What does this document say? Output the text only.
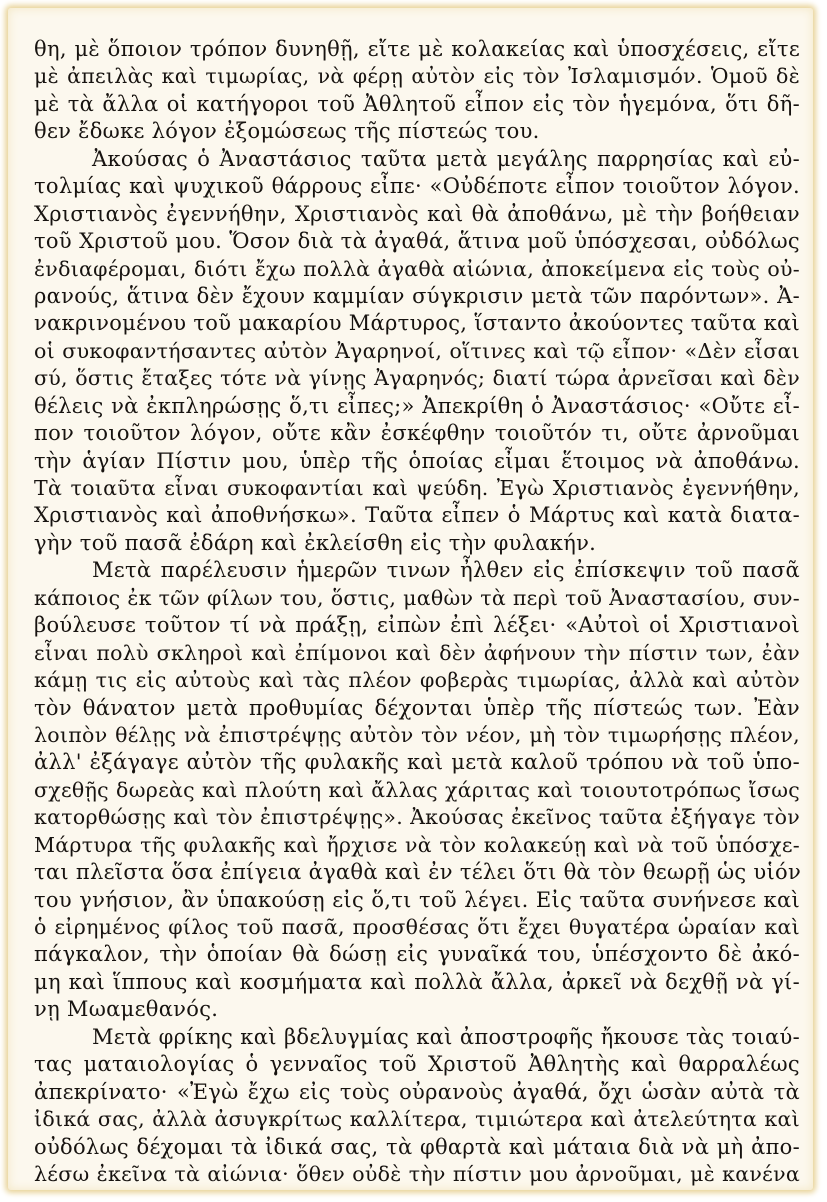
θη, μὲ ὅποιον τρόπον δυνηθῇ, εἴτε μὲ κολακείας καὶ ὑποσχέσεις, εἴτε
μὲ ἀπειλὰς καὶ τιμωρίας, νὰ φέρῃ αὐτὸν εἰς τὸν Ἰσλαμισμόν. Ὁμοῦ δὲ
μὲ τὰ ἄλλα οἱ κατήγοροι τοῦ Ἀθλητοῦ εἶπον εἰς τὸν ἡγεμόνα, ὅτι δῆ-
θεν ἔδωκε λόγον ἐξομώσεως τῆς πίστεώς του.
Ἀκούσας ὁ Ἀναστάσιος ταῦτα μετὰ μεγάλης παρρησίας καὶ εὐ-
τολμίας καὶ ψυχικοῦ θάρρους εἶπε· «Οὐδέποτε εἶπον τοιοῦτον λόγον.
Χριστιανὸς ἐγεννήθην, Χριστιανὸς καὶ θὰ ἀποθάνω, μὲ τὴν βοήθειαν
τοῦ Χριστοῦ μου. Ὅσον διὰ τὰ ἀγαθά, ἅτινα μοῦ ὑπόσχεσαι, οὐδόλως
ἐνδιαφέρομαι, διότι ἔχω πολλὰ ἀγαθὰ αἰώνια, ἀποκείμενα εἰς τοὺς οὐ-
ρανούς, ἅτινα δὲν ἔχουν καμμίαν σύγκρισιν μετὰ τῶν παρόντων». Ἀ-
νακρινομένου τοῦ μακαρίου Μάρτυρος, ἵσταντο ἀκούοντες ταῦτα καὶ
οἱ συκοφαντήσαντες αὐτὸν Ἀγαρηνοί, οἵτινες καὶ τῷ εἶπον· «Δὲν εἶσαι
σύ, ὅστις ἔταξες τότε νὰ γίνῃς Ἀγαρηνός; διατί τώρα ἀρνεῖσαι καὶ δὲν
θέλεις νὰ ἐκπληρώσῃς ὅ,τι εἶπες;» Ἀπεκρίθη ὁ Ἀναστάσιος· «Οὔτε εἶ-
πον τοιοῦτον λόγον, οὔτε κἂν ἐσκέφθην τοιοῦτόν τι, οὔτε ἀρνοῦμαι
τὴν ἁγίαν Πίστιν μου, ὑπὲρ τῆς ὁποίας εἶμαι ἕτοιμος νὰ ἀποθάνω.
Τὰ τοιαῦτα εἶναι συκοφαντίαι καὶ ψεύδη. Ἐγὼ Χριστιανὸς ἐγεννήθην,
Χριστιανὸς καὶ ἀποθνήσκω». Ταῦτα εἶπεν ὁ Μάρτυς καὶ κατὰ διατα-
γὴν τοῦ πασᾶ ἐδάρη καὶ ἐκλείσθη εἰς τὴν φυλακήν.
Μετὰ παρέλευσιν ἡμερῶν τινων ἦλθεν εἰς ἐπίσκεψιν τοῦ πασᾶ
κάποιος ἐκ τῶν φίλων του, ὅστις, μαθὼν τὰ περὶ τοῦ Ἀναστασίου, συν-
βούλευσε τοῦτον τί νὰ πράξῃ, εἰπὼν ἐπὶ λέξει· «Αὐτοὶ οἱ Χριστιανοὶ
εἶναι πολὺ σκληροὶ καὶ ἐπίμονοι καὶ δὲν ἀφήνουν τὴν πίστιν των, ἐὰν
κάμῃ τις εἰς αὐτοὺς καὶ τὰς πλέον φοβερὰς τιμωρίας, ἀλλὰ καὶ αὐτὸν
τὸν θάνατον μετὰ προθυμίας δέχονται ὑπὲρ τῆς πίστεώς των. Ἐὰν
λοιπὸν θέλῃς νὰ ἐπιστρέψῃς αὐτὸν τὸν νέον, μὴ τὸν τιμωρήσῃς πλέον,
ἀλλ' ἐξάγαγε αὐτὸν τῆς φυλακῆς καὶ μετὰ καλοῦ τρόπου νὰ τοῦ ὑπο-
σχεθῇς δωρεὰς καὶ πλούτη καὶ ἄλλας χάριτας καὶ τοιουτοτρόπως ἴσως
κατορθώσῃς καὶ τὸν ἐπιστρέψῃς». Ἀκούσας ἐκεῖνος ταῦτα ἐξήγαγε τὸν
Μάρτυρα τῆς φυλακῆς καὶ ἤρχισε νὰ τὸν κολακεύῃ καὶ νὰ τοῦ ὑπόσχε-
ται πλεῖστα ὅσα ἐπίγεια ἀγαθὰ καὶ ἐν τέλει ὅτι θὰ τὸν θεωρῇ ὡς υἱόν
του γνήσιον, ἂν ὑπακούσῃ εἰς ὅ,τι τοῦ λέγει. Εἰς ταῦτα συνήνεσε καὶ
ὁ εἰρημένος φίλος τοῦ πασᾶ, προσθέσας ὅτι ἔχει θυγατέρα ὡραίαν καὶ
πάγκαλον, τὴν ὁποίαν θὰ δώσῃ εἰς γυναῖκά του, ὑπέσχοντο δὲ ἀκό-
μη καὶ ἵππους καὶ κοσμήματα καὶ πολλὰ ἄλλα, ἀρκεῖ νὰ δεχθῇ νὰ γί-
νῃ Μωαμεθανός.
Μετὰ φρίκης καὶ βδελυγμίας καὶ ἀποστροφῆς ἤκουσε τὰς τοιαύ-
τας ματαιολογίας ὁ γενναῖος τοῦ Χριστοῦ Ἀθλητὴς καὶ θαρραλέως
ἀπεκρίνατο· «Ἐγὼ ἔχω εἰς τοὺς οὐρανοὺς ἀγαθά, ὄχι ὡσὰν αὐτὰ τὰ
ἰδικά σας, ἀλλὰ ἀσυγκρίτως καλλίτερα, τιμιώτερα καὶ ἀτελεύτητα καὶ
οὐδόλως δέχομαι τὰ ἰδικά σας, τὰ φθαρτὰ καὶ μάταια διὰ νὰ μὴ ἀπο-
λέσω ἐκεῖνα τὰ αἰώνια· ὅθεν οὐδὲ τὴν πίστιν μου ἀρνοῦμαι, μὲ κανένα
